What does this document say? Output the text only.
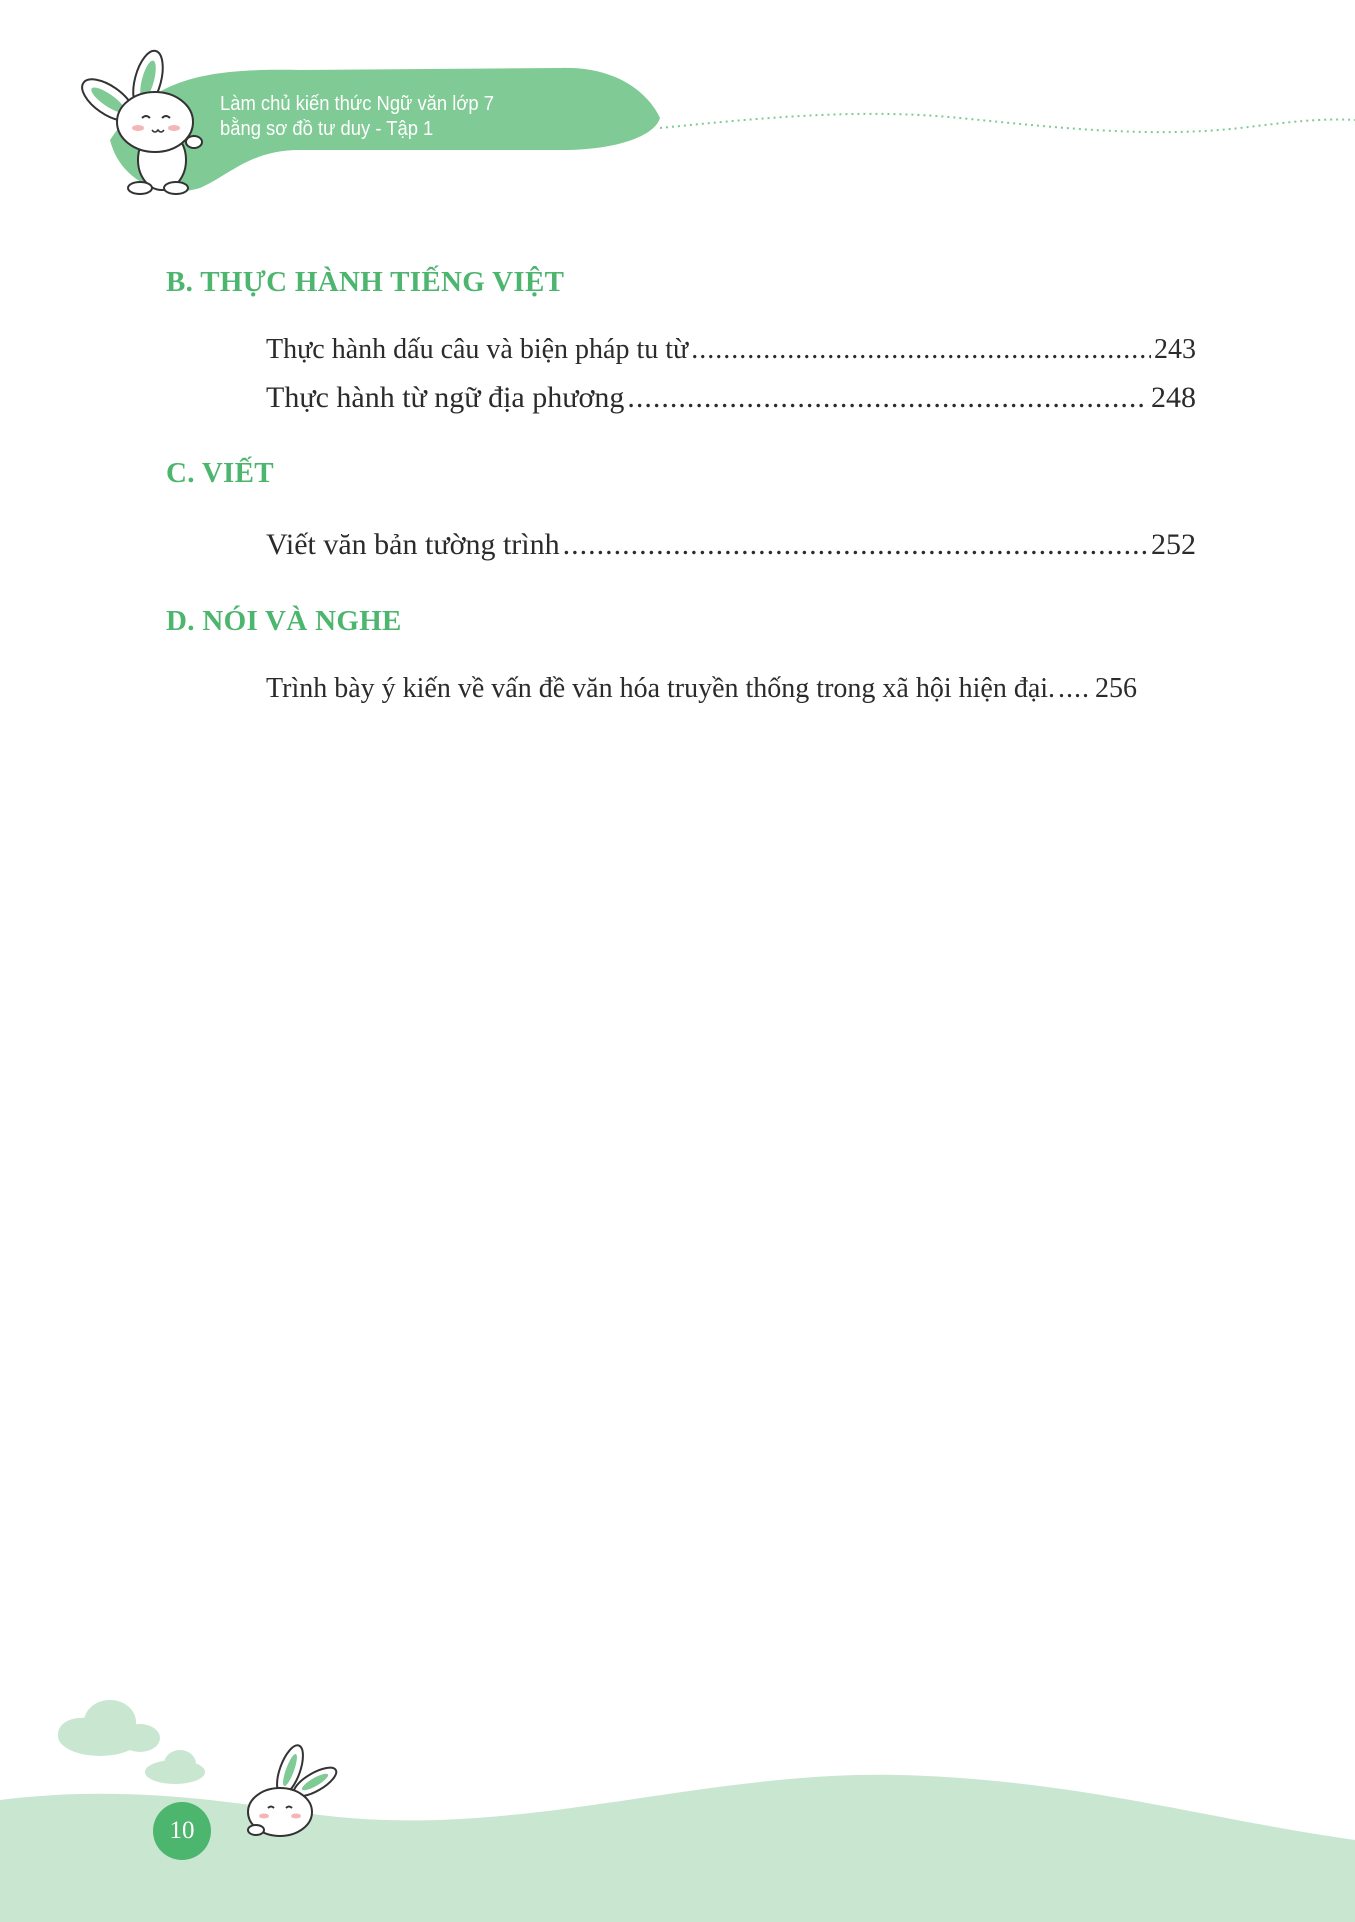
Làm chủ kiến thức Ngữ văn lớp 7
bằng sơ đồ tư duy - Tập 1
B. THỰC HÀNH TIẾNG VIỆT
Thực hành dấu câu và biện pháp tu từ .....	243
Thực hành từ ngữ địa phương .....	248
C. VIẾT
Viết văn bản tường trình .....	252
D. NÓI VÀ NGHE
Trình bày ý kiến về vấn đề văn hóa truyền thống trong xã hội hiện đại. ..... 256
10
